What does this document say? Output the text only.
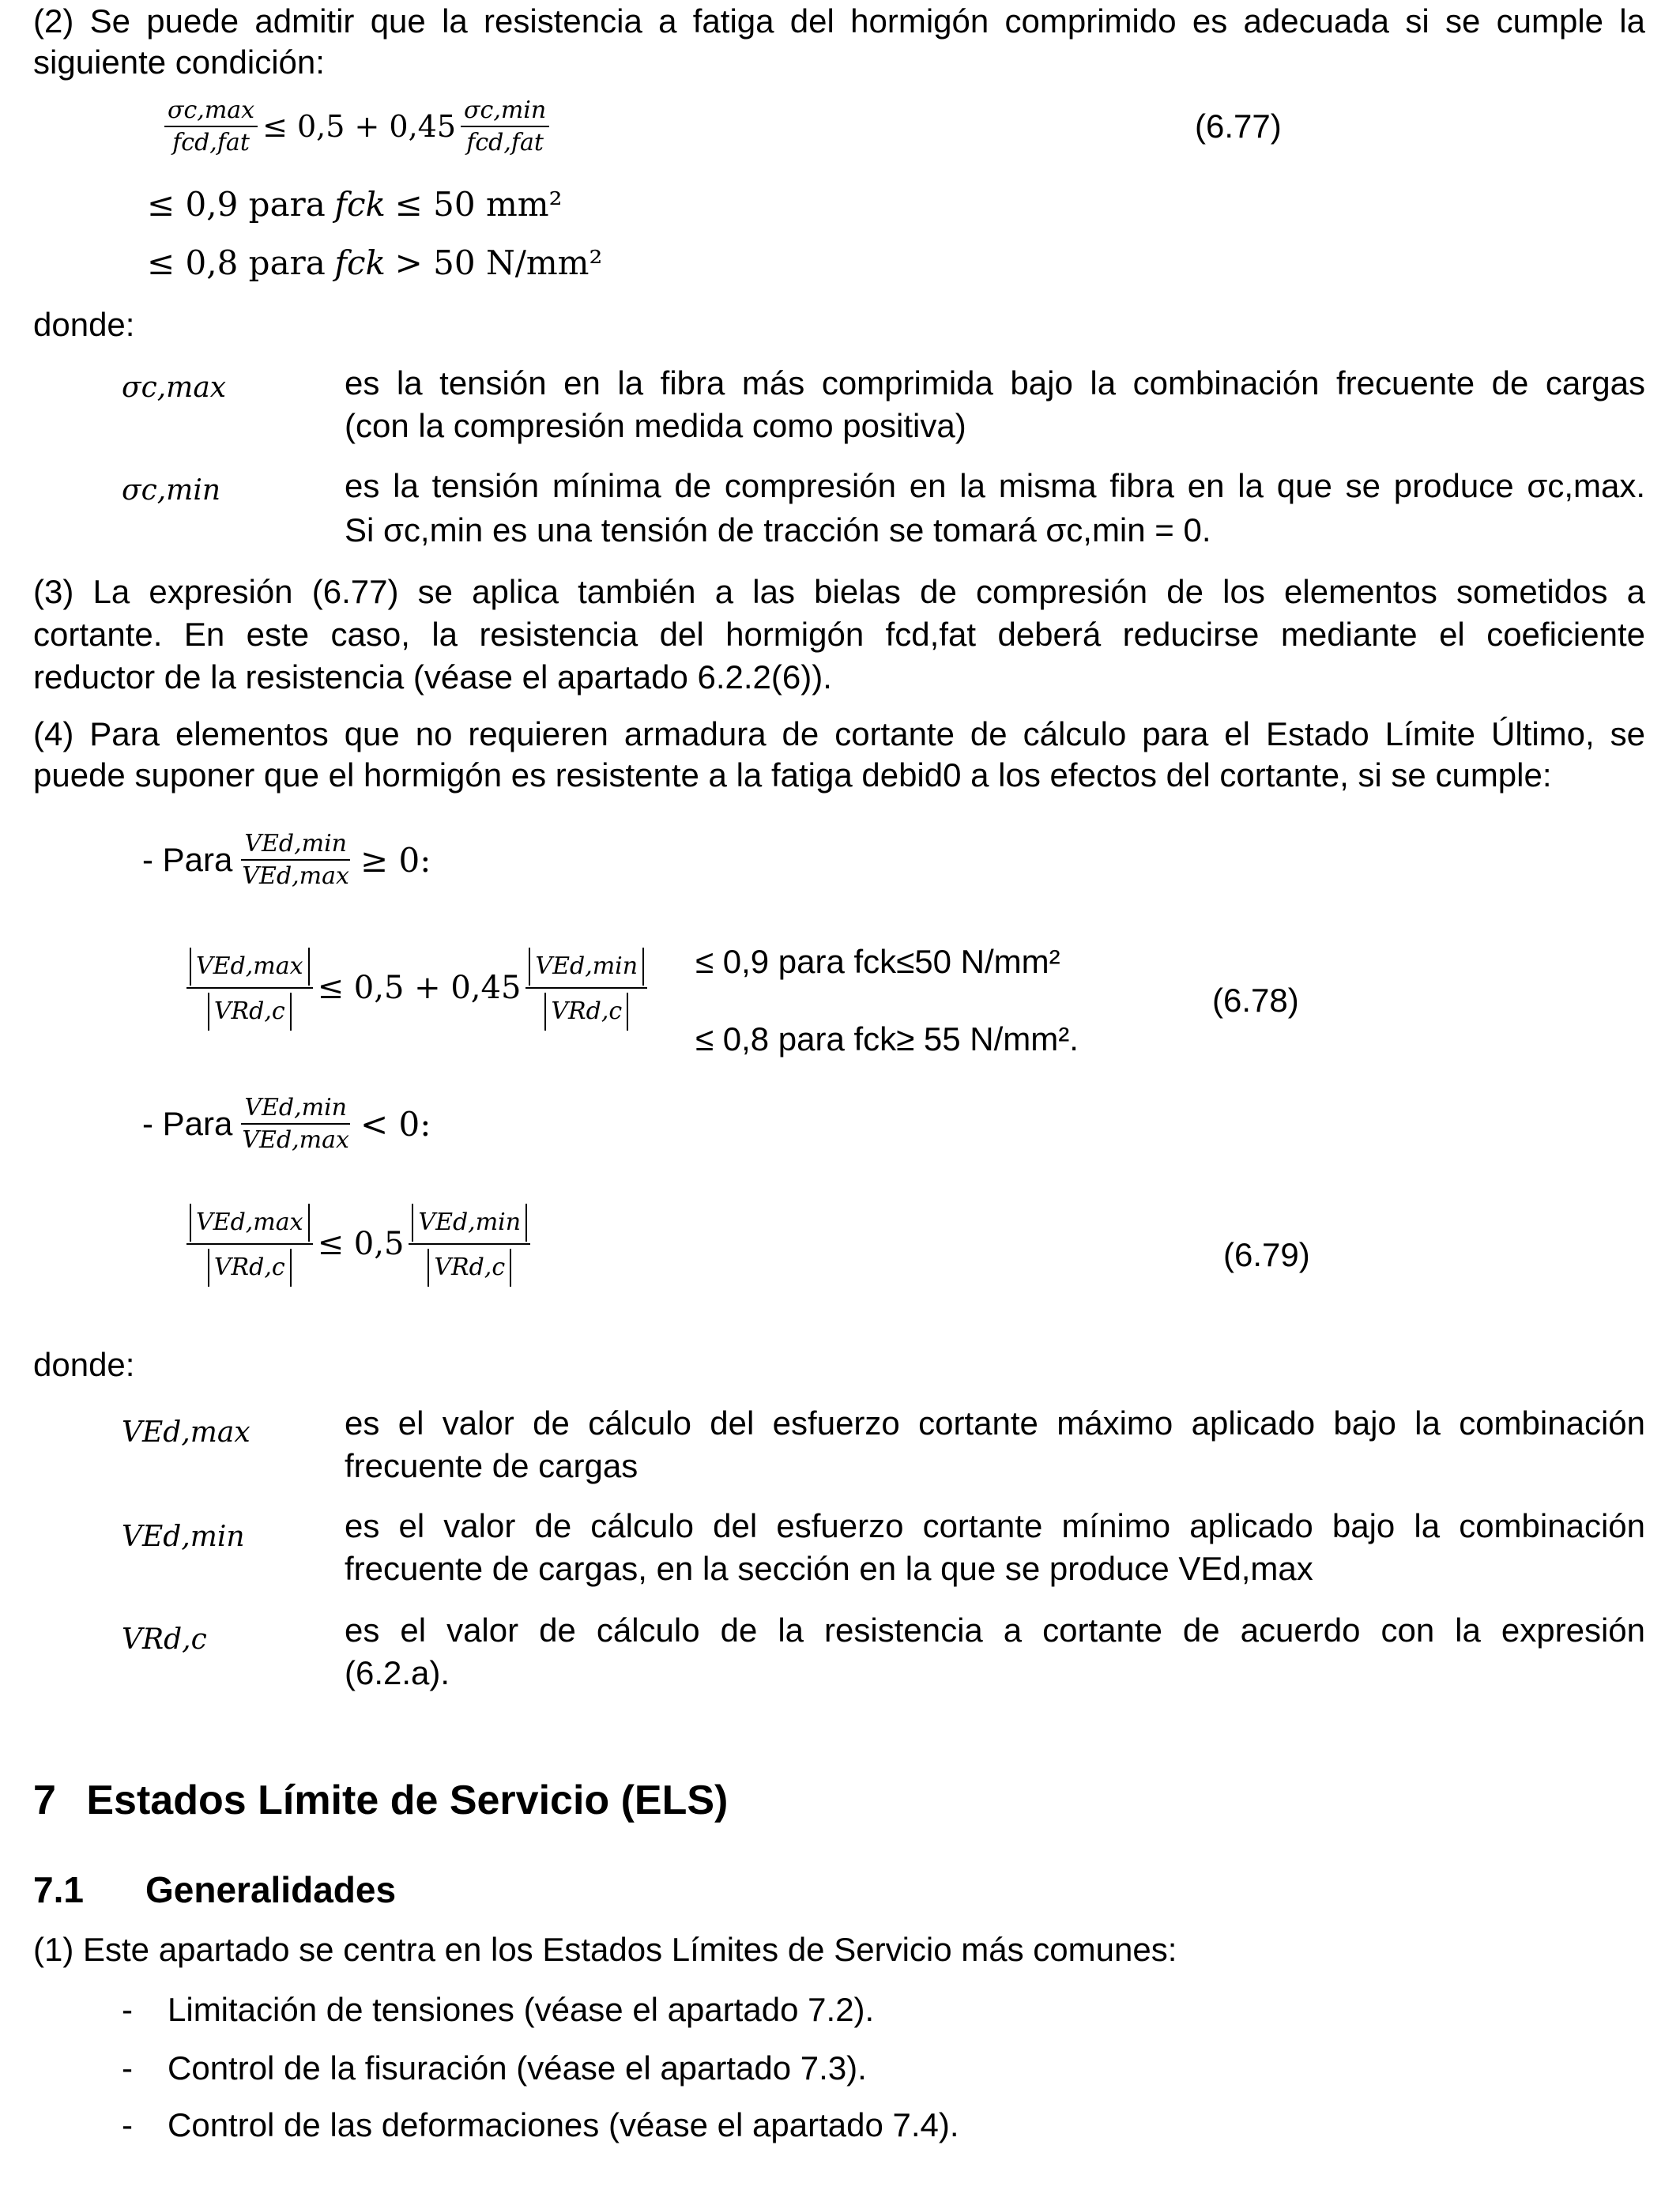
(2) Se puede admitir que la resistencia a fatiga del hormigón comprimido es adecuada si se cumple la
siguiente condición:
$\frac{\sigma c,\max}{\text{fcd,fat}} \le 0,5 + 0,45 \frac{\sigma c,\min}{\text{fcd,fat}}$	(6.77)
≤ 0,9 para fck ≤ 50 mm²
≤ 0,8 para fck > 50 N/mm²
donde:
σc,max	es la tensión en la fibra más comprimida bajo la combinación frecuente de cargas
(con la compresión medida como positiva)
σc,min	es la tensión mínima de compresión en la misma fibra en la que se produce σc,max.
Si σc,min es una tensión de tracción se tomará σc,min = 0.
(3) La expresión (6.77) se aplica también a las bielas de compresión de los elementos sometidos a
cortante. En este caso, la resistencia del hormigón fcd,fat deberá reducirse mediante el coeficiente
reductor de la resistencia (véase el apartado 6.2.2(6)).
(4) Para elementos que no requieren armadura de cortante de cálculo para el Estado Límite Último, se
puede suponer que el hormigón es resistente a la fatiga debid0 a los efectos del cortante, si se cumple:
- Para $\frac{\text{VEd,min}}{\text{VEd,max}} \ge 0$:
$\frac{\text{VEd,max}}{\text{VRd,c}} \le 0,5 + 0,45 \frac{\text{VEd,min}}{\text{VRd,c}} \le 0,9$ para fck≤50 N/mm²
≤ 0,8 para fck≥ 55 N/mm².
(6.78)
- Para $\frac{\text{VEd,min}}{\text{VEd,max}} < 0$:
$\frac{\text{VEd,max}}{\text{VRd,c}} \le 0,5 \frac{\text{VEd,min}}{\text{VRd,c}}$	(6.79)
donde:
VEd,max	es el valor de cálculo del esfuerzo cortante máximo aplicado bajo la combinación
frecuente de cargas
VEd,min	es el valor de cálculo del esfuerzo cortante mínimo aplicado bajo la combinación
frecuente de cargas, en la sección en la que se produce VEd,max
VRd,c	es el valor de cálculo de la resistencia a cortante de acuerdo con la expresión
(6.2.a).
7 Estados Límite de Servicio (ELS)
7.1 Generalidades
(1) Este apartado se centra en los Estados Límites de Servicio más comunes:
- Limitación de tensiones (véase el apartado 7.2).
- Control de la fisuración (véase el apartado 7.3).
- Control de las deformaciones (véase el apartado 7.4).
